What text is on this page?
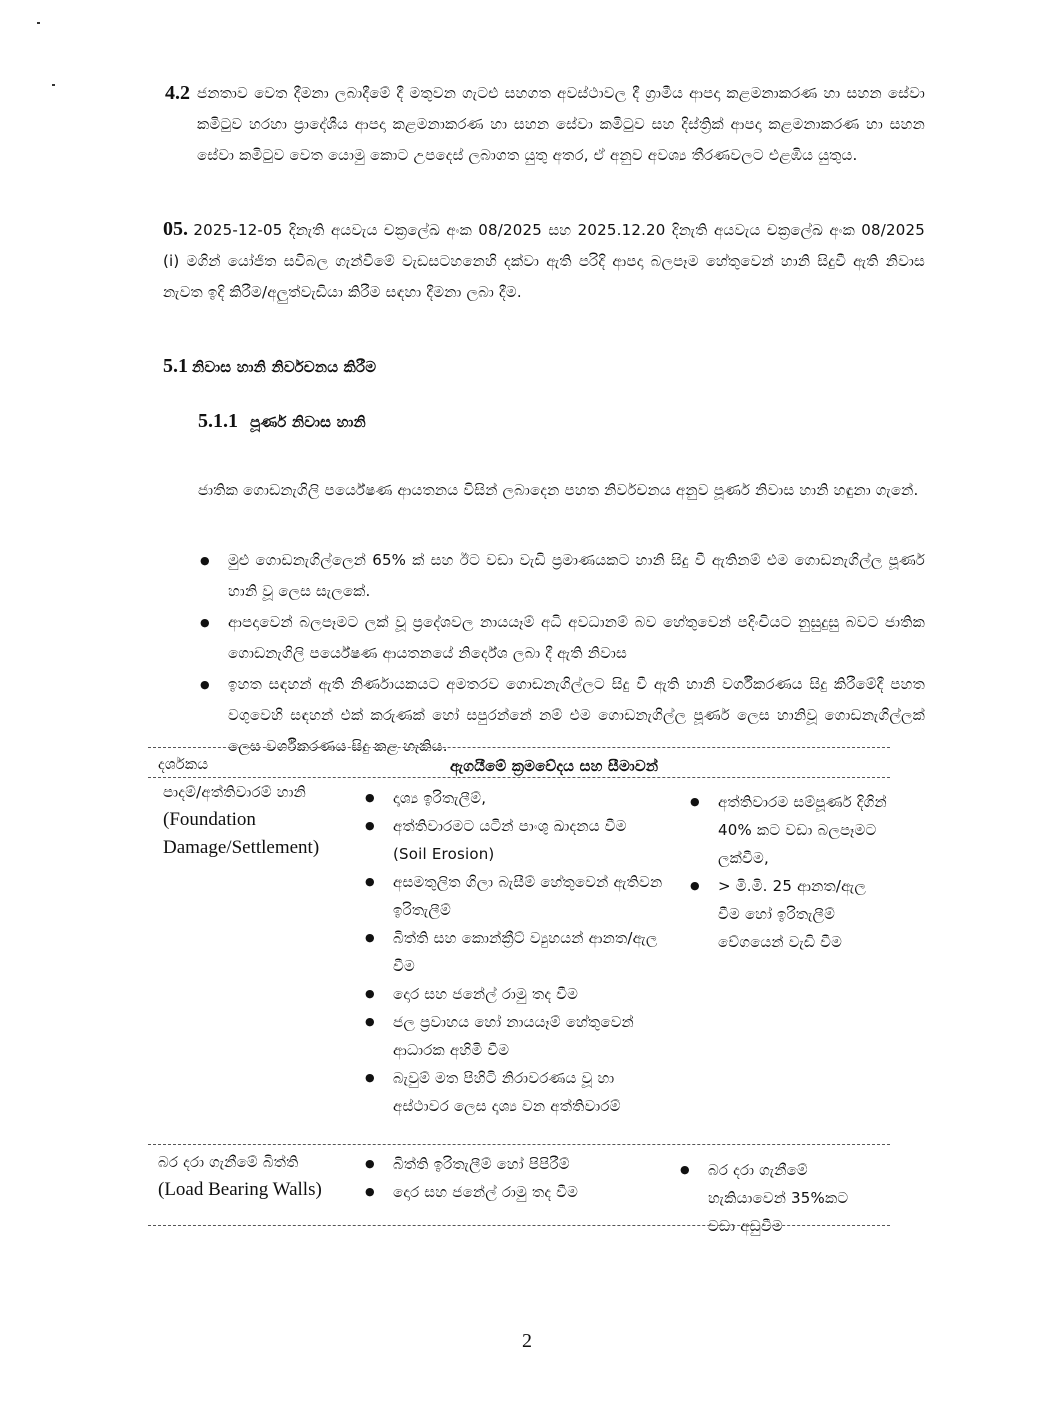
4.2 ජනතාව වෙත දීමනා ලබාදීමේ දී මතුවන ගැටළු සහගත අවස්ථාවල දී ග්‍රාමීය ආපදා කළමනාකරණ හා සහන සේවා කමිටුව හරහා ප්‍රාදේශීය ආපදා කළමනාකරණ හා සහන සේවා කමිටුව සහ දිස්ත්‍රික් ආපදා කළමනාකරණ හා සහන සේවා කමිටුව වෙත යොමු කොට උපදෙස් ලබාගත යුතු අතර, ඒ අනුව අවශ්‍ය තීරණවලට එළඹිය යුතුය.
05. 2025-12-05 දිනැති අයවැය චක්‍රලේඛ අංක 08/2025 සහ 2025.12.20 දිනැති අයවැය චක්‍රලේඛ අංක 08/2025 (i) මගින් යෝජිත සවිබල ගැන්වීමේ වැඩසටහනෙහි දක්වා ඇති පරිදි ආපදා බලපෑම හේතුවෙන් හානි සිදුවී ඇති නිවාස නැවත ඉදි කිරීම/අලුත්වැඩියා කිරීම සඳහා දීමනා ලබා දීම.
5.1 නිවාස හානි නිර්වචනය කිරීම
5.1.1 පූර්ණ නිවාස හානි
ජාතික ගොඩනැගිලි පර්යේෂණ ආයතනය විසින් ලබාදෙන පහත නිර්වචනය අනුව පූර්ණ නිවාස හානි හඳුනා ගැනේ.
● මුළු ගොඩනැගිල්ලෙන් 65% ක් සහ ඊට වඩා වැඩි ප්‍රමාණයකට හානි සිදු වී ඇතිනම් එම ගොඩනැගිල්ල පූර්ණ හානි වූ ලෙස සැලකේ.
● ආපදාවෙන් බලපෑමට ලක් වූ ප්‍රදේශවල නායයෑම් අධි අවධානම් බව හේතුවෙන් පදිංචියට නුසුදුසු බවට ජාතික ගොඩනැගිලි පර්යේෂණ ආයතනයේ නිර්දේශ ලබා දී ඇති නිවාස
● ඉහත සඳහන් ඇති නිර්ණායකයට අමතරව ගොඩනැගිල්ලට සිදු වී ඇති හානි වර්ගීකරණය සිදු කිරීමේදී පහත වගුවෙහි සඳහන් එක් කරුණක් හෝ සපුරන්නේ නම් එම ගොඩනැගිල්ල පූර්ණ ලෙස හානිවූ ගොඩනැගිල්ලක් ලෙස වර්ගීකරණය සිදු කළ හැකිය.
දර්ශකය	ඇගයීමේ ක්‍රමවේදය සහ සීමාවන්
පාදම්/අත්තිවාරම් හානි
(Foundation Damage/Settlement)
● දෘශ්‍ය ඉරිතැලීම්,
● අත්තිවාරමට යටින් පාංශු ඛාදනය වීම (Soil Erosion)
● අසමතුලිත ගිලා බැසීම් හේතුවෙන් ඇතිවන ඉරිතැලීම්
● බිත්ති සහ කොන්ක්‍රීට් ව්‍යුහයන් ආනත/ඇල වීම
● දොර සහ ජනේල් රාමු තද වීම
● ජල ප්‍රවාහය හෝ නායයෑම් හේතුවෙන් ආධාරක අහිමි වීම
● බැවුම් මත පිහිටි නිරාවරණය වූ හා අස්ථාවර ලෙස දෘශ්‍ය වන අත්තිවාරම්
● අත්තිවාරම සම්පූර්ණ දිගින් 40% කට වඩා බලපෑමට ලක්වීම,
● > මි.මි. 25 ආනත/ඇල වීම හෝ ඉරිතැලීම් වේගයෙන් වැඩි වීම
බර දරා ගැනීමේ බිත්ති
(Load Bearing Walls)
● බිත්ති ඉරිතැලීම් හෝ පිපිරීම්
● දොර සහ ජනේල් රාමු තද වීම
● බර දරා ගැනීමේ හැකියාවෙන් 35%කට වඩා අඩුවීම
2
